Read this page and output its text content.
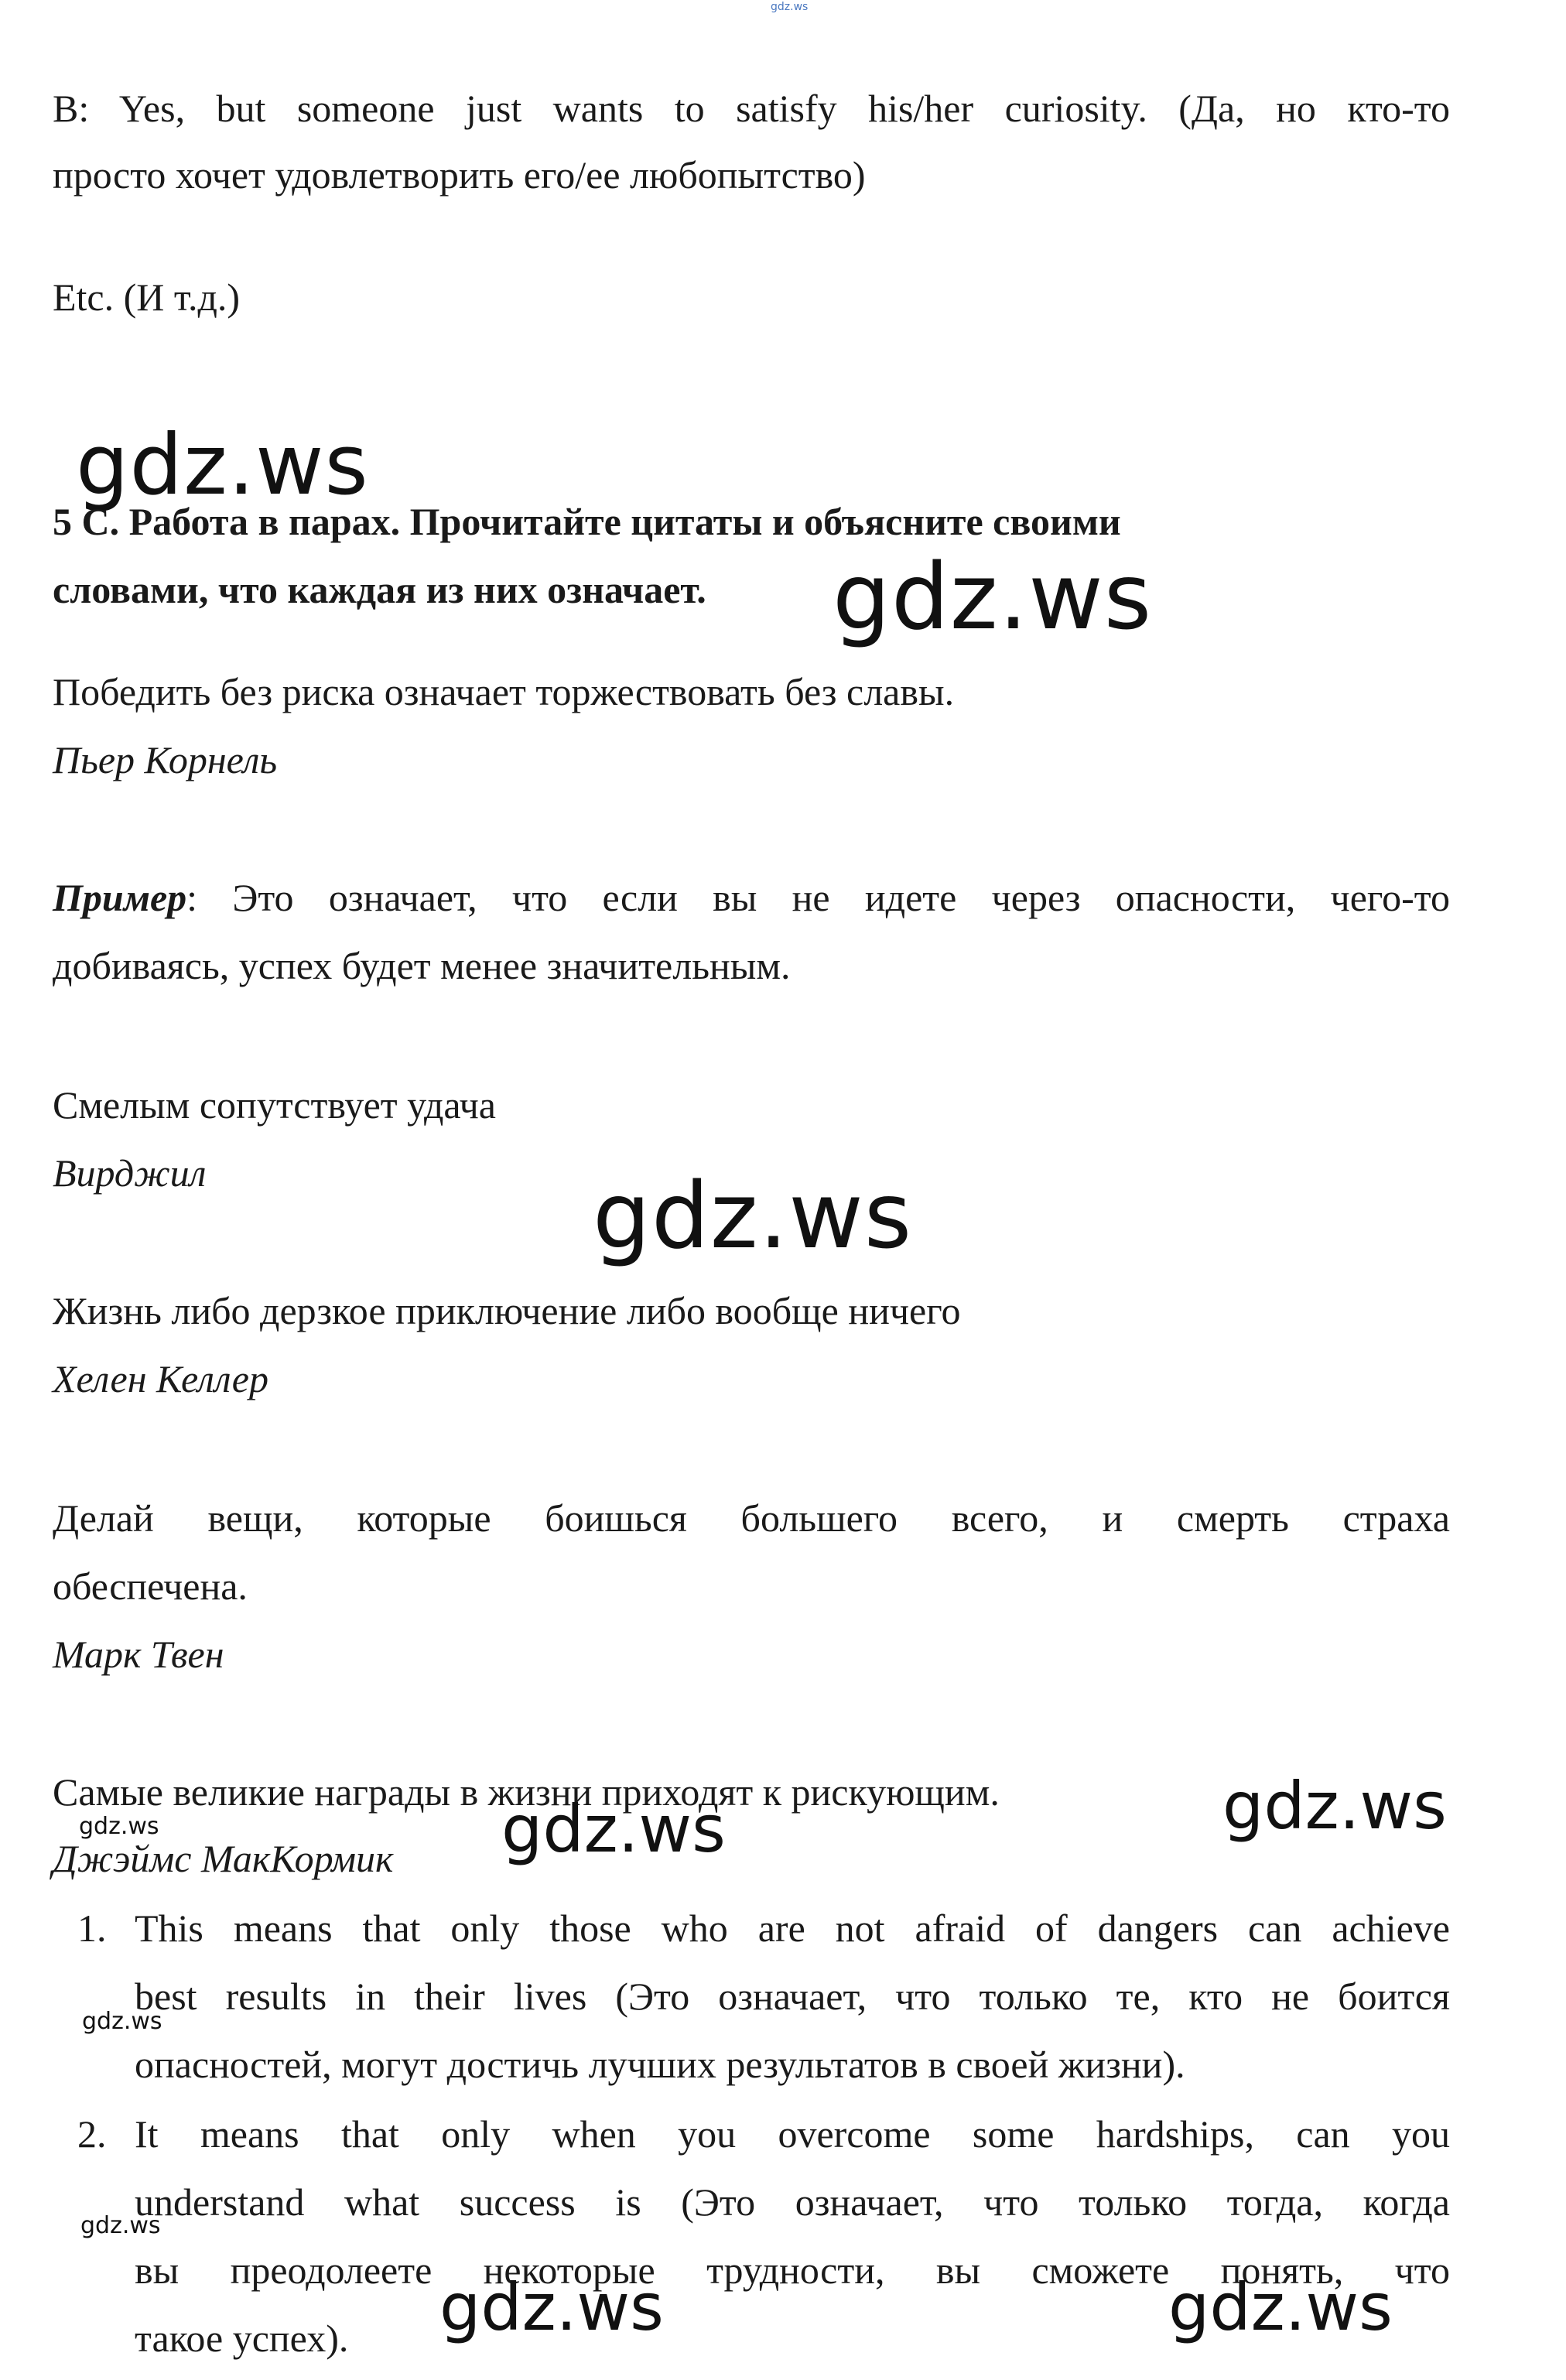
gdz.ws
B: Yes, but someone just wants to satisfy his/her curiosity. (Да, но кто-то
просто хочет удовлетворить его/ее любопытство)
Etc. (И т.д.)
gdz.ws
5 C. Работа в парах. Прочитайте цитаты и объясните своими
словами, что каждая из них означает. gdz.ws
Победить без риска означает торжествовать без славы.
Пьер Корнель
Пример: Это означает, что если вы не идете через опасности, чего-то
добиваясь, успех будет менее значительным.
Смелым сопутствует удача
Вирджил	gdz.ws
Жизнь либо дерзкое приключение либо вообще ничего
Хелен Келлер
Делай вещи, которые боишься большего всего, и смерть страха
обеспечена.
Марк Твен
Самые великие награды в жизни приходят к рискующим.
Джэймс МакКормик
gdz.ws	gdz.ws	gdz.ws
1. This means that only those who are not afraid of dangers can achieve
best results in their lives (Это означает, что только те, кто не боится
опасностей, могут достичь лучших результатов в своей жизни).
gdz.ws
2. It means that only when you overcome some hardships, can you
understand what success is (Это означает, что только тогда, когда
вы преодолеете некоторые трудности, вы сможете понять, что
такое успех).
gdz.ws
gdz.ws	gdz.ws
